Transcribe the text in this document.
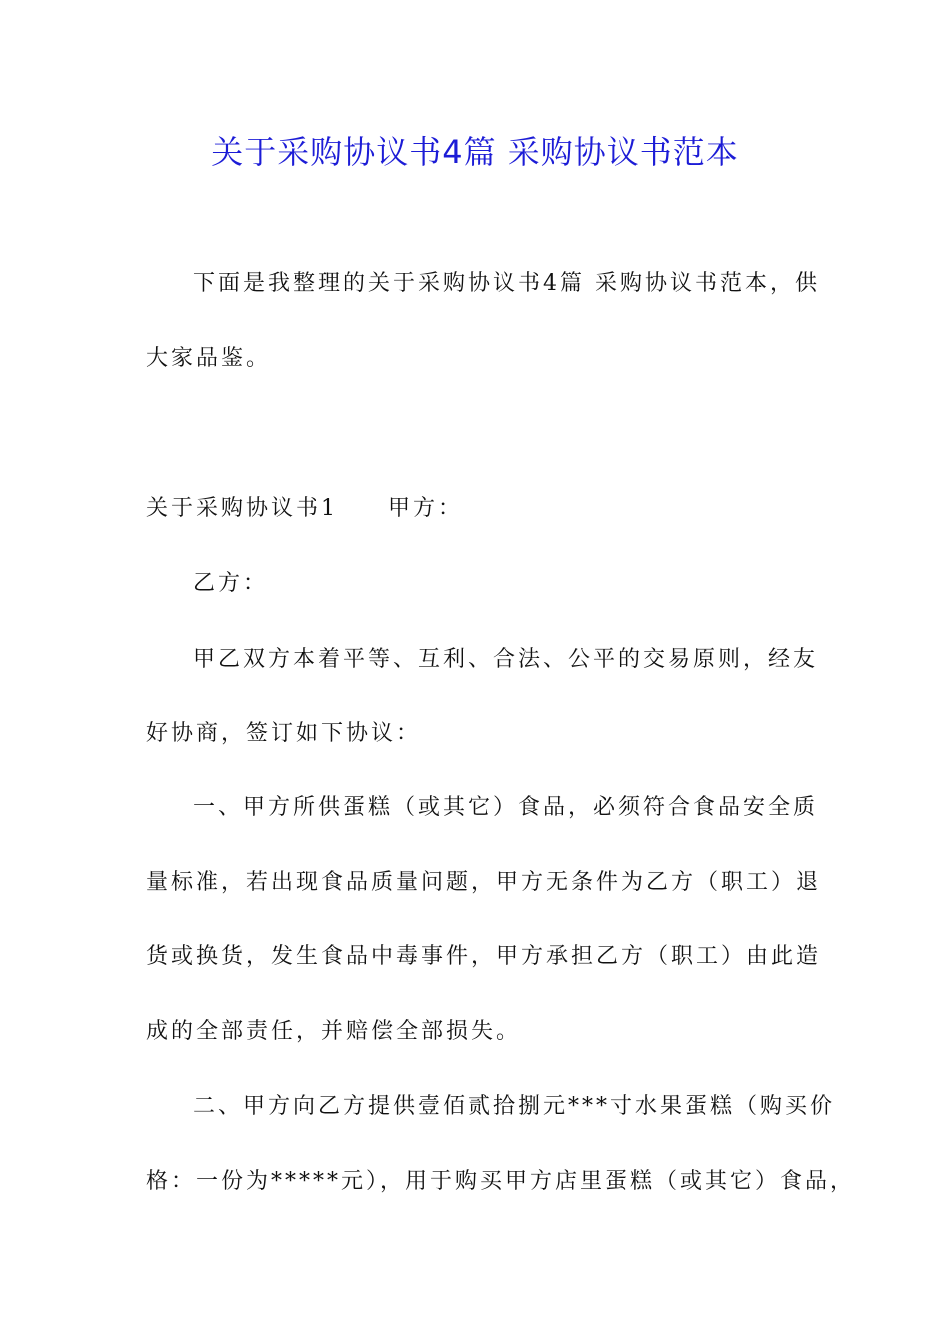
关于采购协议书4篇 采购协议书范本

下面是我整理的关于采购协议书4篇 采购协议书范本，供

大家品鉴。

关于采购协议书1 甲方：

乙方：

甲乙双方本着平等、互利、合法、公平的交易原则，经友

好协商，签订如下协议：

一、甲方所供蛋糕（或其它）食品，必须符合食品安全质

量标准，若出现食品质量问题，甲方无条件为乙方（职工）退

货或换货，发生食品中毒事件，甲方承担乙方（职工）由此造

成的全部责任，并赔偿全部损失。

二、甲方向乙方提供壹佰贰拾捌元***寸水果蛋糕（购买价

格：一份为*****元），用于购买甲方店里蛋糕（或其它）食品，
